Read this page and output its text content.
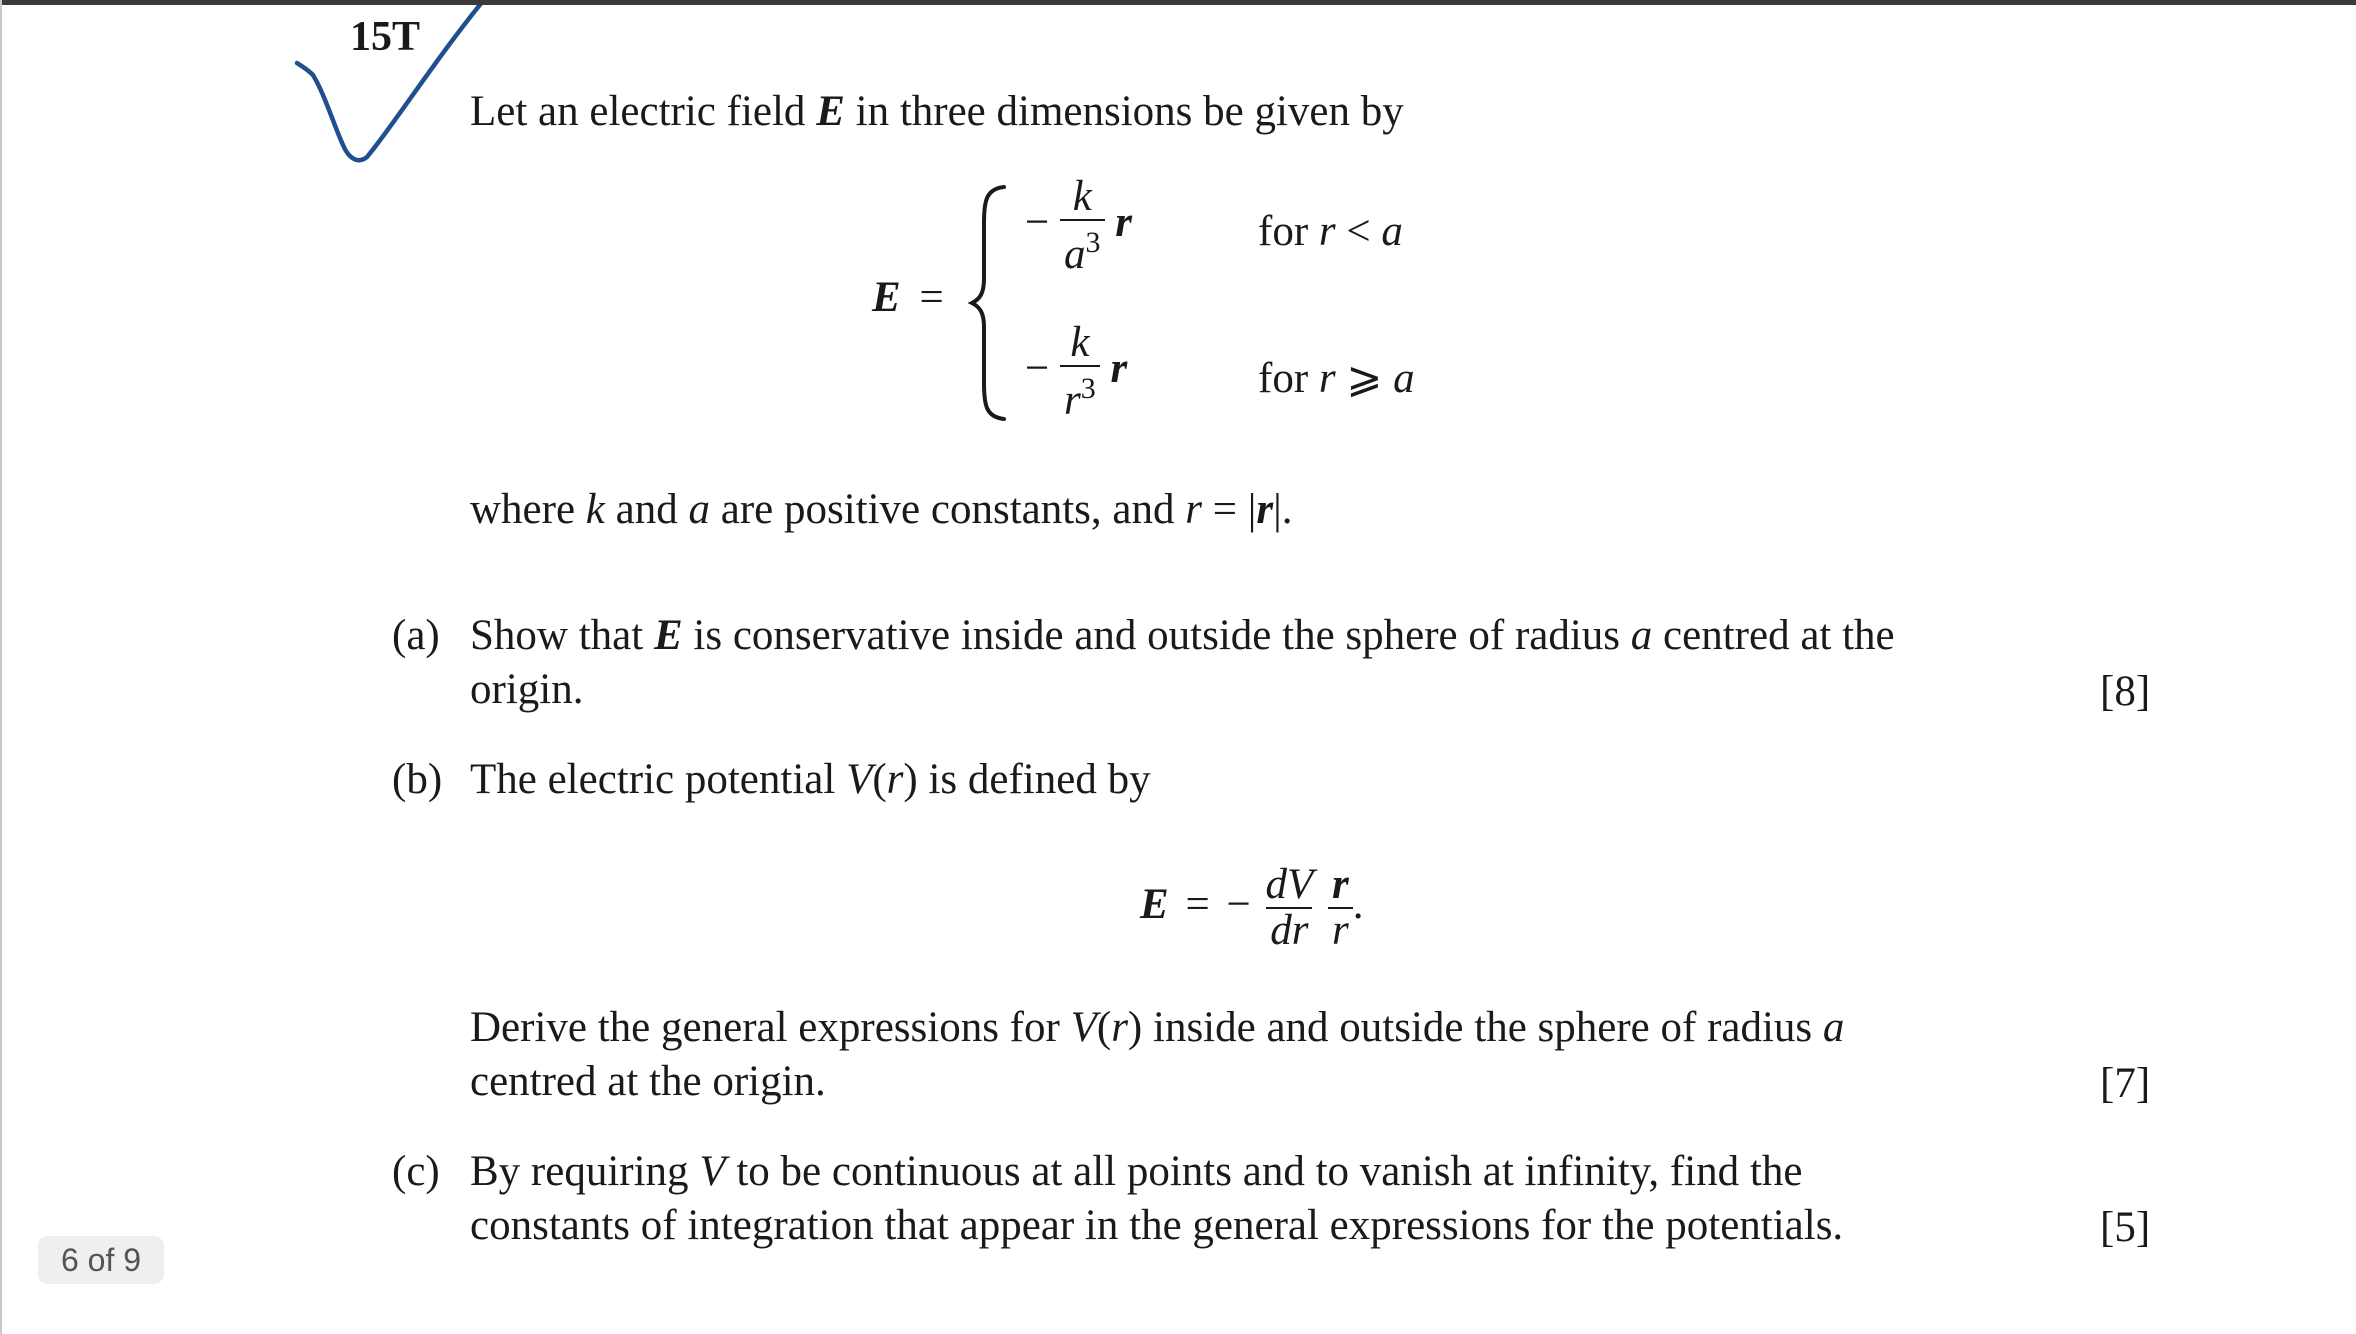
15T
Let an electric field E in three dimensions be given by
E =
− $\frac{k}{a^3}$ r	for r < a
− $\frac{k}{r^3}$ r	for r ⩾ a
where k and a are positive constants, and r = |r|.
(a) Show that E is conservative inside and outside the sphere of radius a centred at the
origin.	[8]
(b) The electric potential V(r) is defined by
E = − $\frac{dV}{dr}$
$\frac{r}{r}$ .
Derive the general expressions for V(r) inside and outside the sphere of radius a
centred at the origin.	[7]
(c) By requiring V to be continuous at all points and to vanish at infinity, find the
constants of integration that appear in the general expressions for the potentials.	[5]
6 of 9
